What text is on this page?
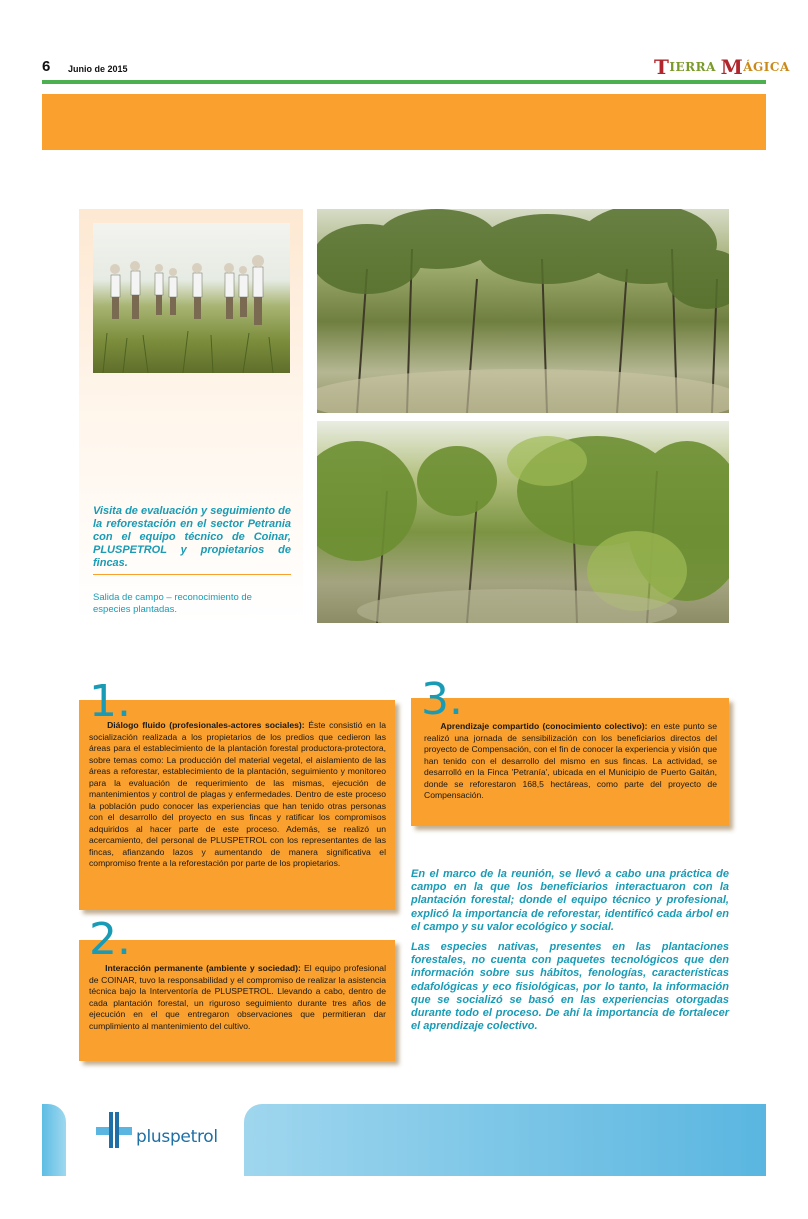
6 Junio de 2015	T IERRA
M ÁGICA
Visita de evaluación y seguimiento de la reforestación en el sector Petrania con el equipo técnico de Coinar, PLUSPETROL y propietarios de fincas.
Salida de campo – reconocimiento de especies plantadas.
1.
2.
3.
Diálogo fluido (profesionales-actores sociales): Éste consistió en la socialización realizada a los propietarios de los predios que cedieron las áreas para el establecimiento de la plantación forestal productora-protectora, sobre temas como: La producción del material vegetal, el aislamiento de las áreas a reforestar, establecimiento de la plantación, seguimiento y monitoreo para la evaluación de requerimiento de las mismas, ejecución de mantenimientos y control de plagas y enfermedades. Dentro de este proceso la población pudo conocer las experiencias que han tenido otras personas con el desarrollo del proyecto en sus fincas y ratificar los compromisos adquiridos al hacer parte de este proceso. Además, se realizó un acercamiento, del personal de PLUSPETROL con los representantes de las fincas, afianzando lazos y aumentando de manera significativa el compromiso frente a la reforestación por parte de los propietarios.
Interacción permanente (ambiente y sociedad): El equipo profesional de COINAR, tuvo la responsabilidad y el compromiso de realizar la asistencia técnica bajo la Interventoría de PLUSPETROL. Llevando a cabo, dentro de cada plantación forestal, un riguroso seguimiento durante tres años de ejecución en el que entregaron observaciones que permitieran dar cumplimiento al mantenimiento del cultivo.
Aprendizaje compartido (conocimiento colectivo): en este punto se realizó una jornada de sensibilización con los beneficiarios directos del proyecto de Compensación, con el fin de conocer la experiencia y visión que han tenido con el desarrollo del mismo en sus fincas. La actividad, se desarrolló en la Finca 'Petranía', ubicada en el Municipio de Puerto Gaitán, donde se reforestaron 168,5 hectáreas, como parte del proyecto de Compensación.

En el marco de la reunión, se llevó a cabo una práctica de campo en la que los beneficiarios interactuaron con la plantación forestal; donde el equipo técnico y profesional, explicó la importancia de reforestar, identificó cada árbol en el campo y su valor ecológico y social.

Las especies nativas, presentes en las plantaciones forestales, no cuenta con paquetes tecnológicos que den información sobre sus hábitos, fenologías, características edafológicas y eco fisiológicas, por lo tanto, la información que se socializó se basó en las experiencias otorgadas durante todo el proceso. De ahí la importancia de fortalecer el aprendizaje colectivo.

pluspetrol
